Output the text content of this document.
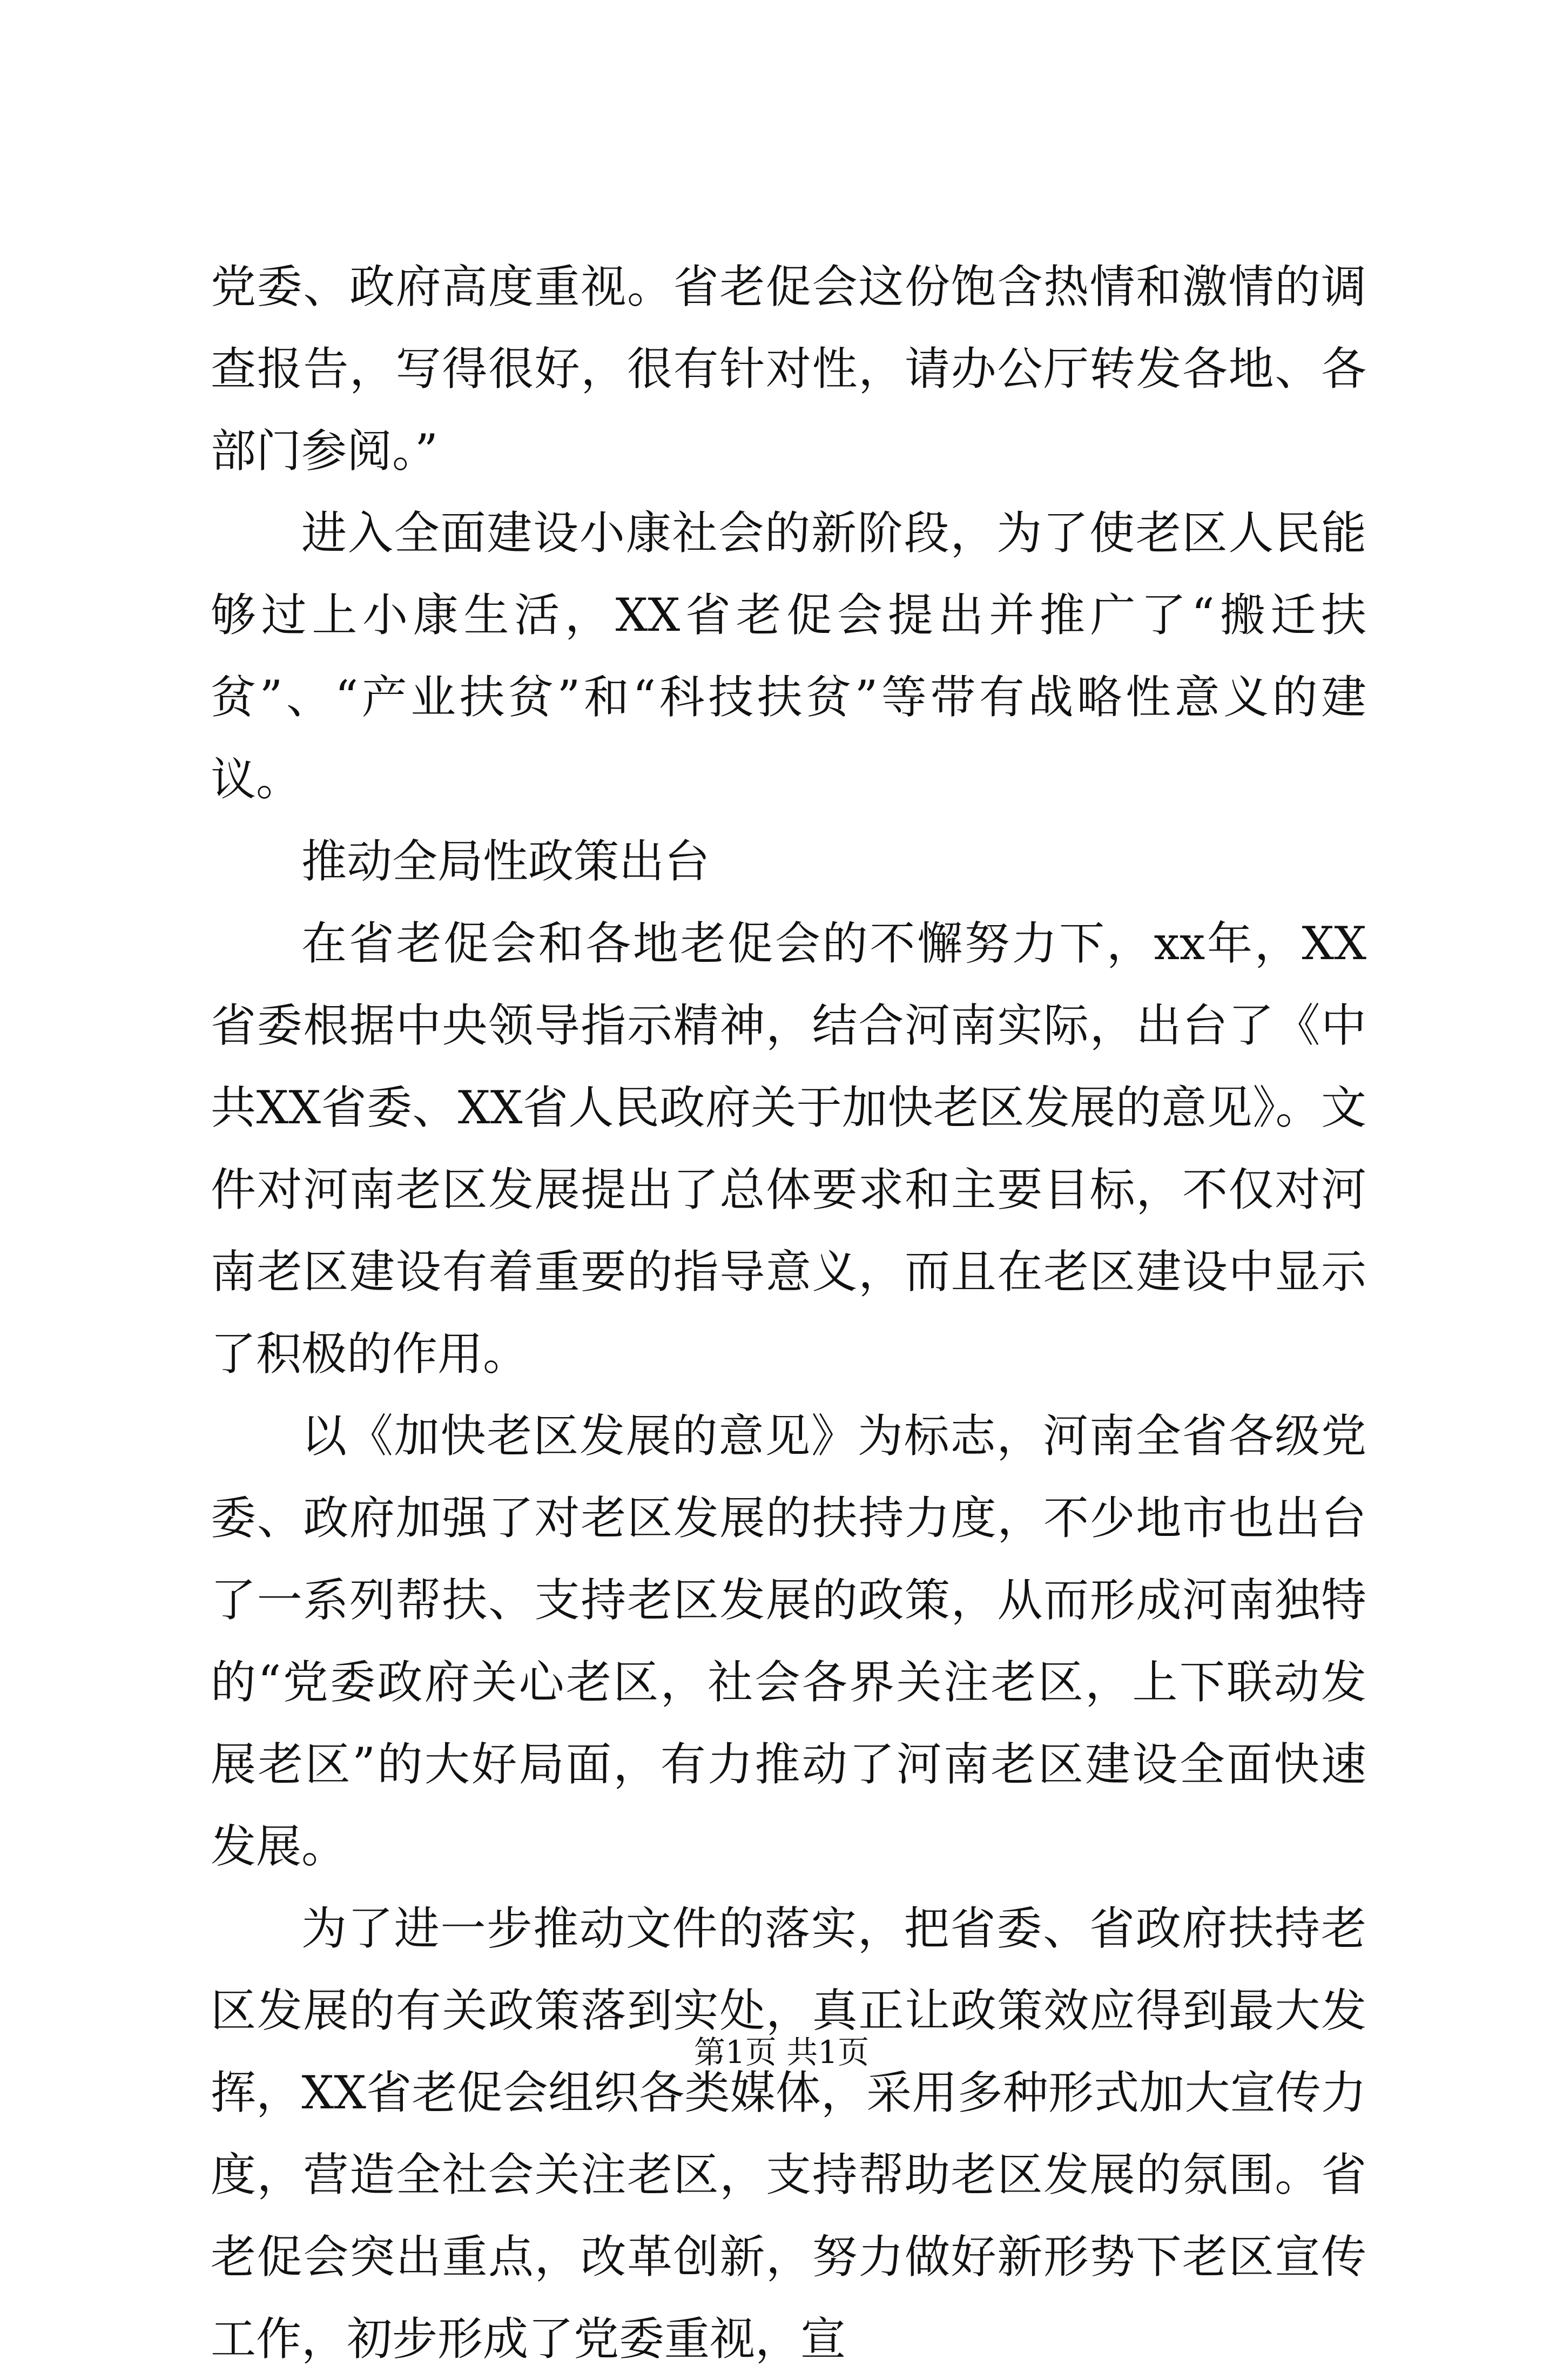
党委、政府高度重视。省老促会这份饱含热情和激情的调查报告，写得很好，很有针对性，请办公厅转发各地、各部门参阅。”

进入全面建设小康社会的新阶段，为了使老区人民能够过上小康生活，XX省老促会提出并推广了“搬迁扶贫”、“产业扶贫”和“科技扶贫”等带有战略性意义的建议。

推动全局性政策出台

在省老促会和各地老促会的不懈努力下，xx年，XX省委根据中央领导指示精神，结合河南实际，出台了《中共XX省委、XX省人民政府关于加快老区发展的意见》。文件对河南老区发展提出了总体要求和主要目标，不仅对河南老区建设有着重要的指导意义，而且在老区建设中显示了积极的作用。

以《加快老区发展的意见》为标志，河南全省各级党委、政府加强了对老区发展的扶持力度，不少地市也出台了一系列帮扶、支持老区发展的政策，从而形成河南独特的“党委政府关心老区，社会各界关注老区，上下联动发展老区”的大好局面，有力推动了河南老区建设全面快速发展。

为了进一步推动文件的落实，把省委、省政府扶持老区发展的有关政策落到实处，真正让政策效应得到最大发挥，XX省老促会组织各类媒体，采用多种形式加大宣传力度，营造全社会关注老区，支持帮助老区发展的氛围。省老促会突出重点，改革创新，努力做好新形势下老区宣传工作，初步形成了党委重视，宣

第1页 共1页
